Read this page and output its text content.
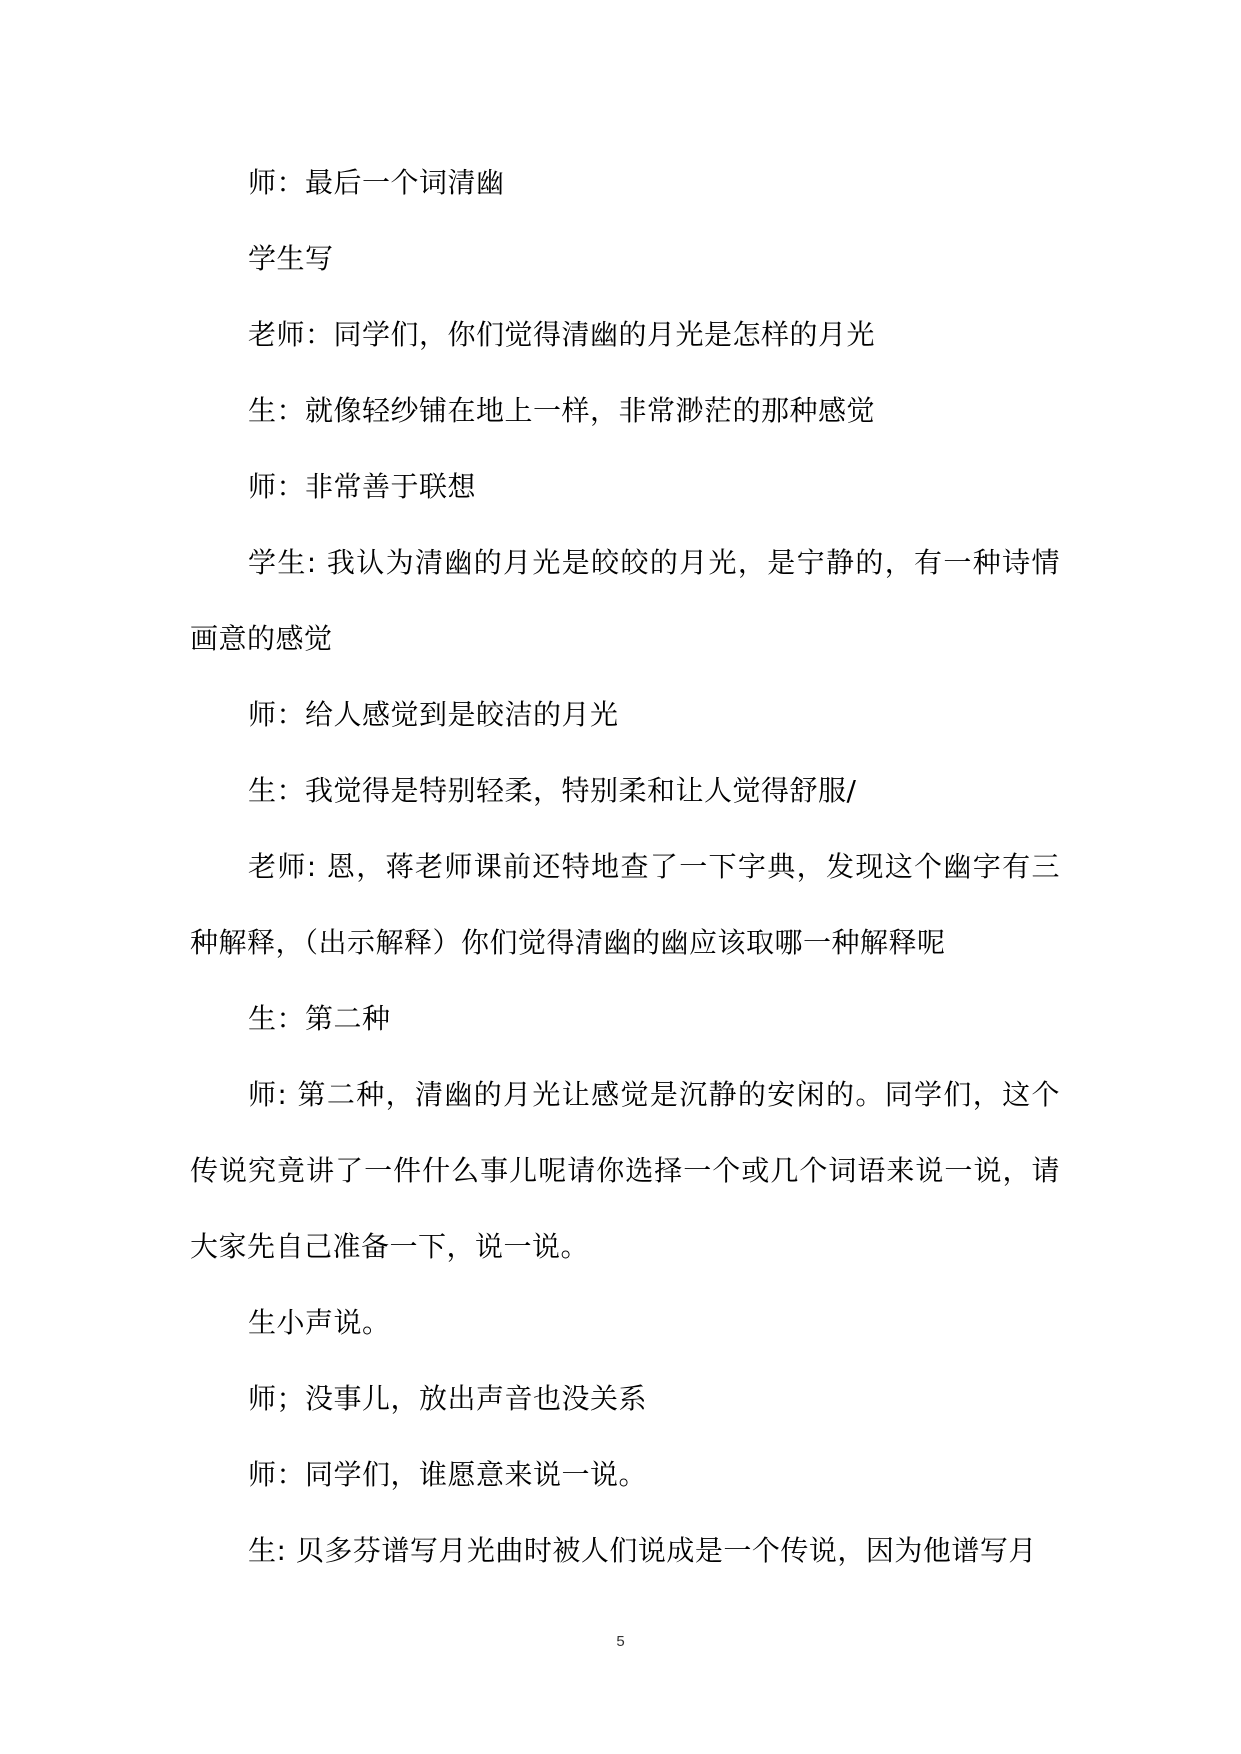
师：最后一个词清幽

学生写

老师：同学们，你们觉得清幽的月光是怎样的月光

生：就像轻纱铺在地上一样，非常渺茫的那种感觉

师：非常善于联想

学生: 我认为清幽的月光是皎皎的月光，是宁静的，有一种诗情画意的感觉

师：给人感觉到是皎洁的月光

生：我觉得是特别轻柔，特别柔和让人觉得舒服/

老师: 恩，蒋老师课前还特地查了一下字典，发现这个幽字有三种解释，（出示解释）你们觉得清幽的幽应该取哪一种解释呢

生：第二种

师: 第二种，清幽的月光让感觉是沉静的安闲的。同学们，这个传说究竟讲了一件什么事儿呢请你选择一个或几个词语来说一说，请大家先自己准备一下，说一说。

生小声说。

师；没事儿，放出声音也没关系

师：同学们，谁愿意来说一说。

生: 贝多芬谱写月光曲时被人们说成是一个传说，因为他谱写月

5
